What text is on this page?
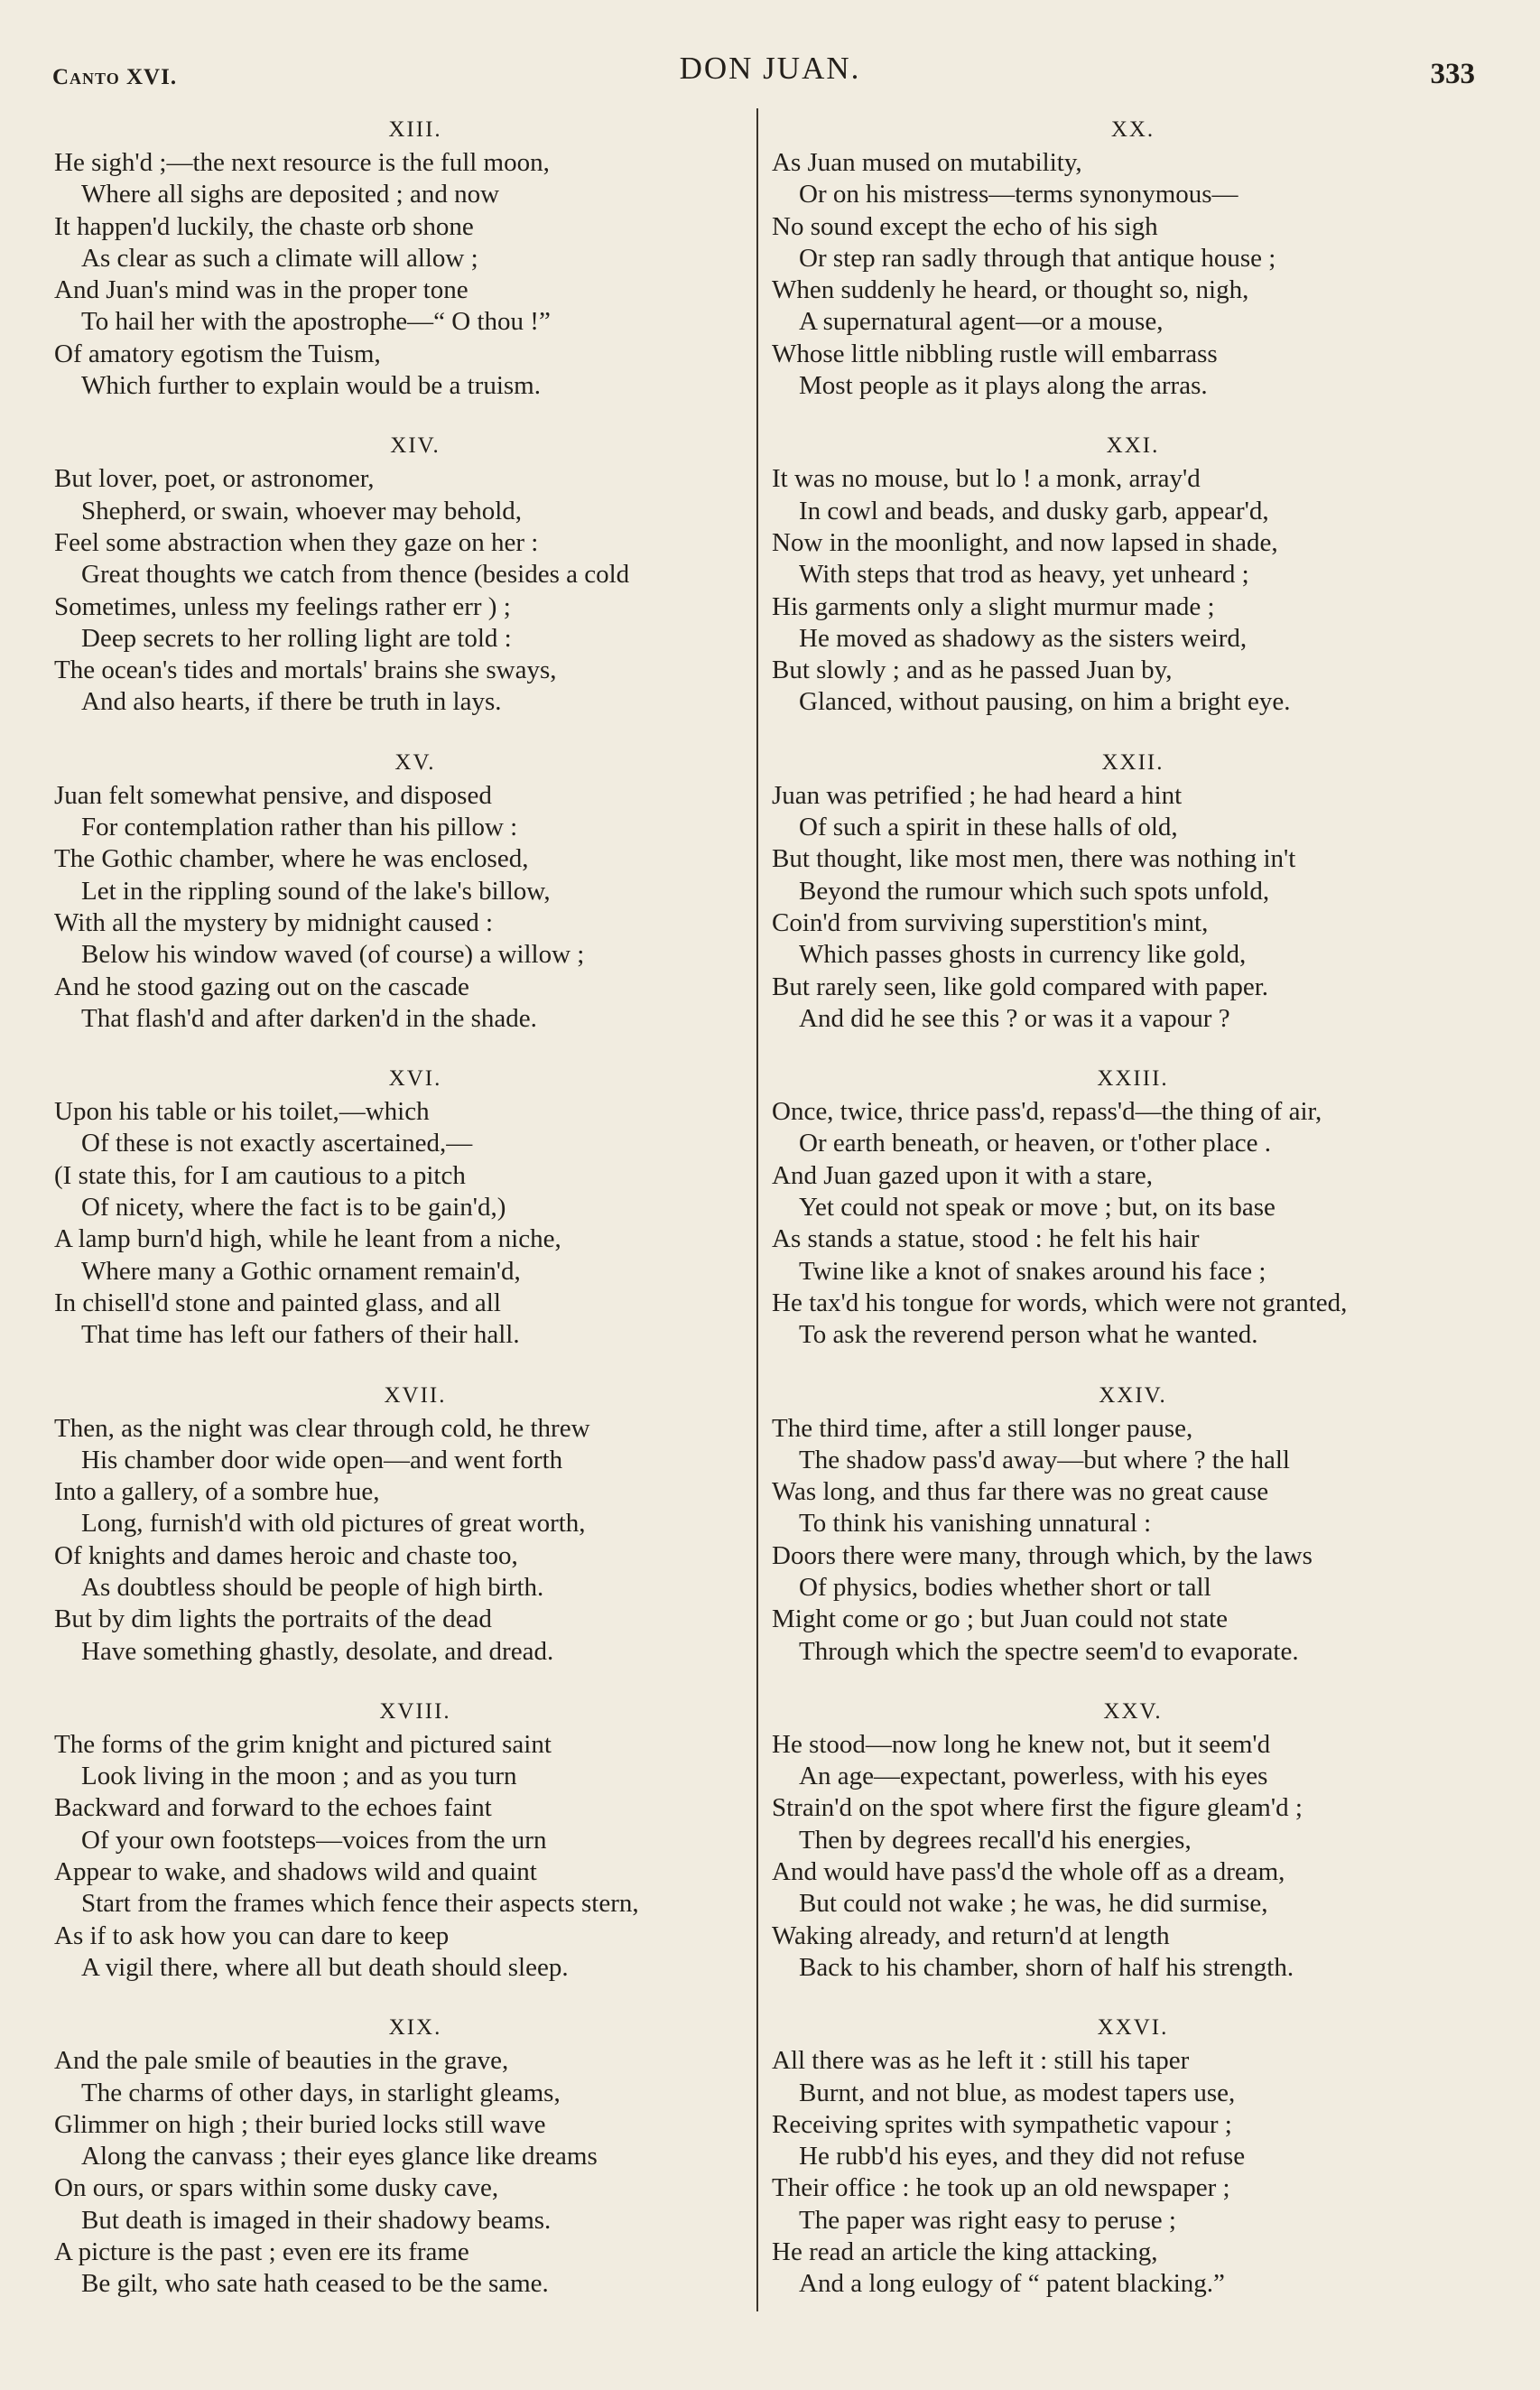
Canto XVI.	DON JUAN.	333
XIII.
He sigh'd ;—the next resource is the full moon,
Where all sighs are deposited ; and now
It happen'd luckily, the chaste orb shone
As clear as such a climate will allow ;
And Juan's mind was in the proper tone
To hail her with the apostrophe—“ O thou !”
Of amatory egotism the Tuism,
Which further to explain would be a truism.
XIV.
But lover, poet, or astronomer,
Shepherd, or swain, whoever may behold,
Feel some abstraction when they gaze on her :
Great thoughts we catch from thence (besides a cold
Sometimes, unless my feelings rather err ) ;
Deep secrets to her rolling light are told :
The ocean's tides and mortals' brains she sways,
And also hearts, if there be truth in lays.
XV.
Juan felt somewhat pensive, and disposed
For contemplation rather than his pillow :
The Gothic chamber, where he was enclosed,
Let in the rippling sound of the lake's billow,
With all the mystery by midnight caused :
Below his window waved (of course) a willow ;
And he stood gazing out on the cascade
That flash'd and after darken'd in the shade.
XVI.
Upon his table or his toilet,—which
Of these is not exactly ascertained,—
(I state this, for I am cautious to a pitch
Of nicety, where the fact is to be gain'd,)
A lamp burn'd high, while he leant from a niche,
Where many a Gothic ornament remain'd,
In chisell'd stone and painted glass, and all
That time has left our fathers of their hall.
XVII.
Then, as the night was clear through cold, he threw
His chamber door wide open—and went forth
Into a gallery, of a sombre hue,
Long, furnish'd with old pictures of great worth,
Of knights and dames heroic and chaste too,
As doubtless should be people of high birth.
But by dim lights the portraits of the dead
Have something ghastly, desolate, and dread.
XVIII.
The forms of the grim knight and pictured saint
Look living in the moon ; and as you turn
Backward and forward to the echoes faint
Of your own footsteps—voices from the urn
Appear to wake, and shadows wild and quaint
Start from the frames which fence their aspects stern,
As if to ask how you can dare to keep
A vigil there, where all but death should sleep.
XIX.
And the pale smile of beauties in the grave,
The charms of other days, in starlight gleams,
Glimmer on high ; their buried locks still wave
Along the canvass ; their eyes glance like dreams
On ours, or spars within some dusky cave,
But death is imaged in their shadowy beams.
A picture is the past ; even ere its frame
Be gilt, who sate hath ceased to be the same.
XX.
As Juan mused on mutability,
Or on his mistress—terms synonymous—
No sound except the echo of his sigh
Or step ran sadly through that antique house ;
When suddenly he heard, or thought so, nigh,
A supernatural agent—or a mouse,
Whose little nibbling rustle will embarrass
Most people as it plays along the arras.
XXI.
It was no mouse, but lo ! a monk, array'd
In cowl and beads, and dusky garb, appear'd,
Now in the moonlight, and now lapsed in shade,
With steps that trod as heavy, yet unheard ;
His garments only a slight murmur made ;
He moved as shadowy as the sisters weird,
But slowly ; and as he passed Juan by,
Glanced, without pausing, on him a bright eye.
XXII.
Juan was petrified ; he had heard a hint
Of such a spirit in these halls of old,
But thought, like most men, there was nothing in't
Beyond the rumour which such spots unfold,
Coin'd from surviving superstition's mint,
Which passes ghosts in currency like gold,
But rarely seen, like gold compared with paper.
And did he see this ? or was it a vapour ?
XXIII.
Once, twice, thrice pass'd, repass'd—the thing of air,
Or earth beneath, or heaven, or t'other place .
And Juan gazed upon it with a stare,
Yet could not speak or move ; but, on its base
As stands a statue, stood : he felt his hair
Twine like a knot of snakes around his face ;
He tax'd his tongue for words, which were not granted,
To ask the reverend person what he wanted.
XXIV.
The third time, after a still longer pause,
The shadow pass'd away—but where ? the hall
Was long, and thus far there was no great cause
To think his vanishing unnatural :
Doors there were many, through which, by the laws
Of physics, bodies whether short or tall
Might come or go ; but Juan could not state
Through which the spectre seem'd to evaporate.
XXV.
He stood—now long he knew not, but it seem'd
An age—expectant, powerless, with his eyes
Strain'd on the spot where first the figure gleam'd ;
Then by degrees recall'd his energies,
And would have pass'd the whole off as a dream,
But could not wake ; he was, he did surmise,
Waking already, and return'd at length
Back to his chamber, shorn of half his strength.
XXVI.
All there was as he left it : still his taper
Burnt, and not blue, as modest tapers use,
Receiving sprites with sympathetic vapour ;
He rubb'd his eyes, and they did not refuse
Their office : he took up an old newspaper ;
The paper was right easy to peruse ;
He read an article the king attacking,
And a long eulogy of “ patent blacking.”
